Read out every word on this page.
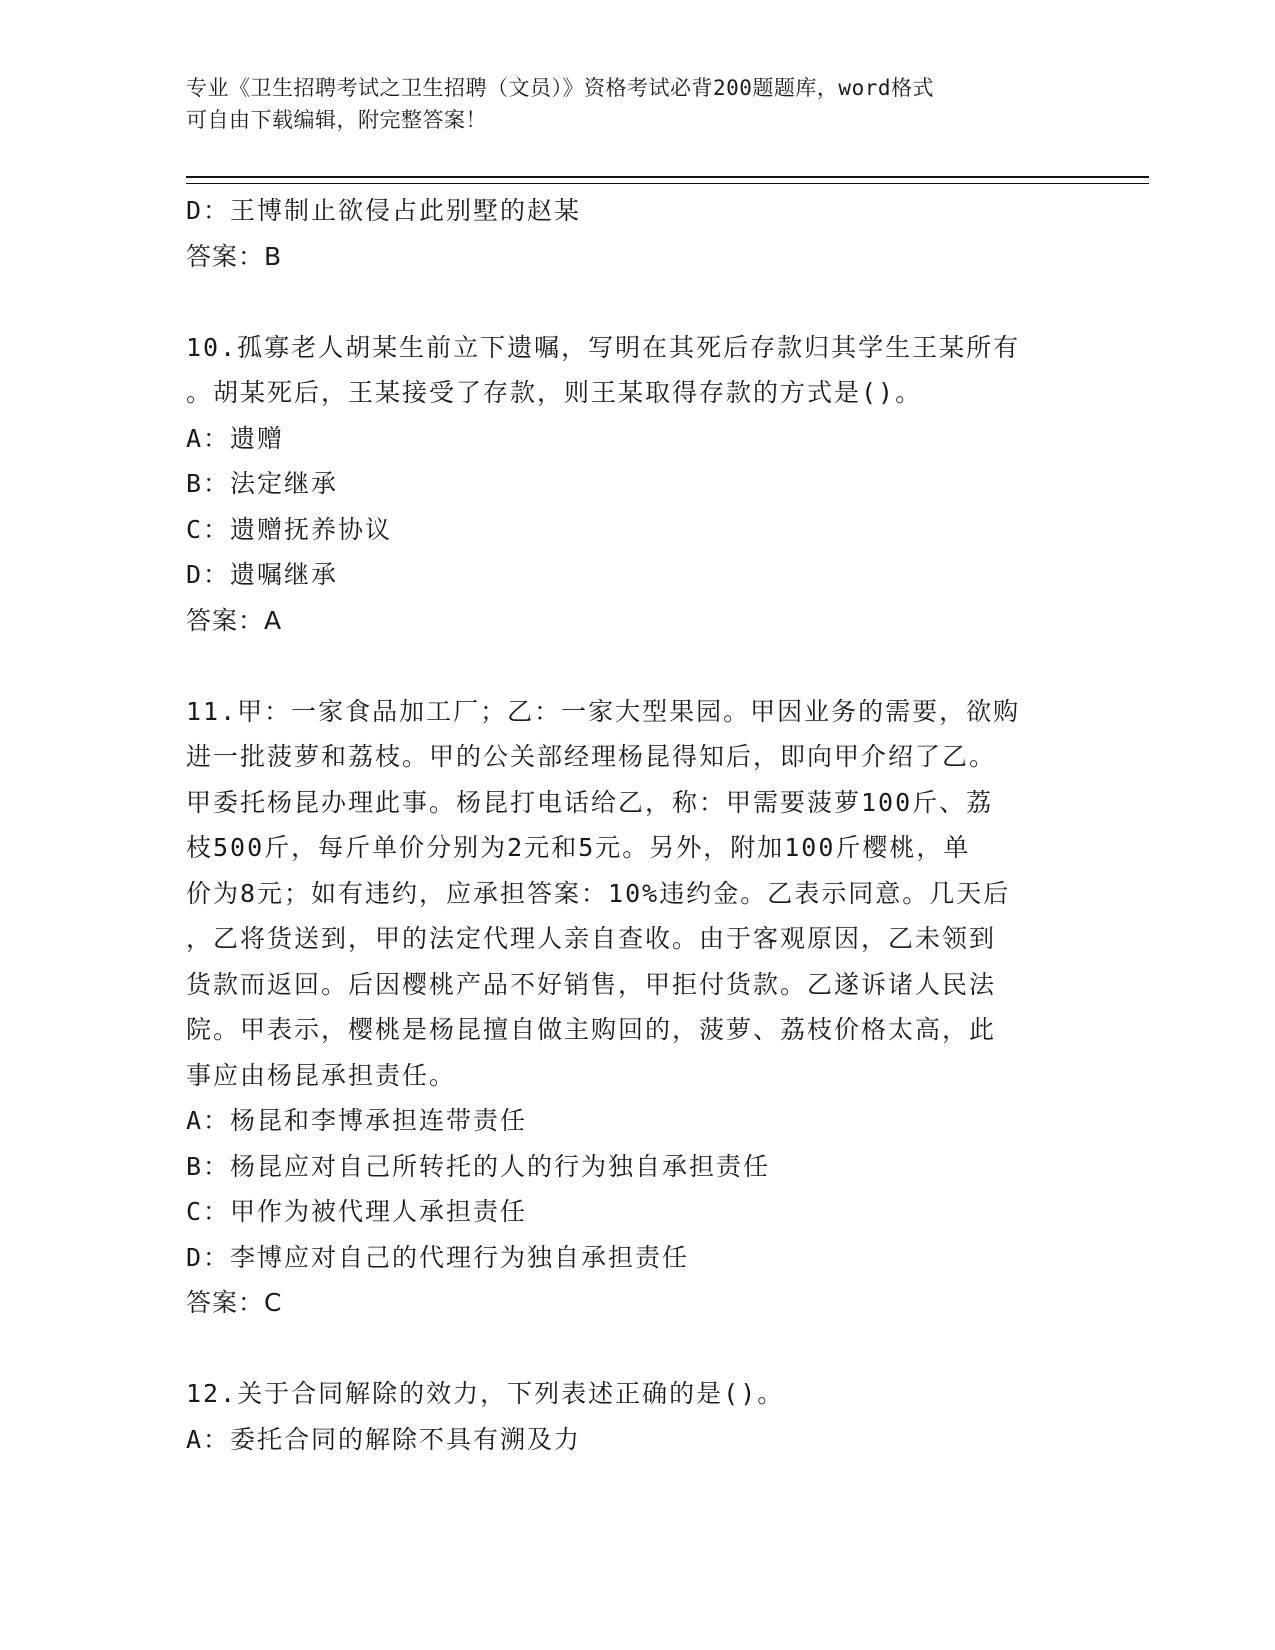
专业《卫生招聘考试之卫生招聘（文员）》资格考试必背200题题库，word格式
可自由下载编辑，附完整答案！
D：王博制止欲侵占此别墅的赵某
答案：B
10.孤寡老人胡某生前立下遗嘱，写明在其死后存款归其学生王某所有
。胡某死后，王某接受了存款，则王某取得存款的方式是()。
A：遗赠
B：法定继承
C：遗赠抚养协议
D：遗嘱继承
答案：A
11.甲：一家食品加工厂；乙：一家大型果园。甲因业务的需要，欲购
进一批菠萝和荔枝。甲的公关部经理杨昆得知后，即向甲介绍了乙。
甲委托杨昆办理此事。杨昆打电话给乙，称：甲需要菠萝100斤、荔
枝500斤，每斤单价分别为2元和5元。另外，附加100斤樱桃，单
价为8元；如有违约，应承担答案：10%违约金。乙表示同意。几天后
，乙将货送到，甲的法定代理人亲自查收。由于客观原因，乙未领到
货款而返回。后因樱桃产品不好销售，甲拒付货款。乙遂诉诸人民法
院。甲表示，樱桃是杨昆擅自做主购回的，菠萝、荔枝价格太高，此
事应由杨昆承担责任。
A：杨昆和李博承担连带责任
B：杨昆应对自己所转托的人的行为独自承担责任
C：甲作为被代理人承担责任
D：李博应对自己的代理行为独自承担责任
答案：C
12.关于合同解除的效力，下列表述正确的是()。
A：委托合同的解除不具有溯及力
